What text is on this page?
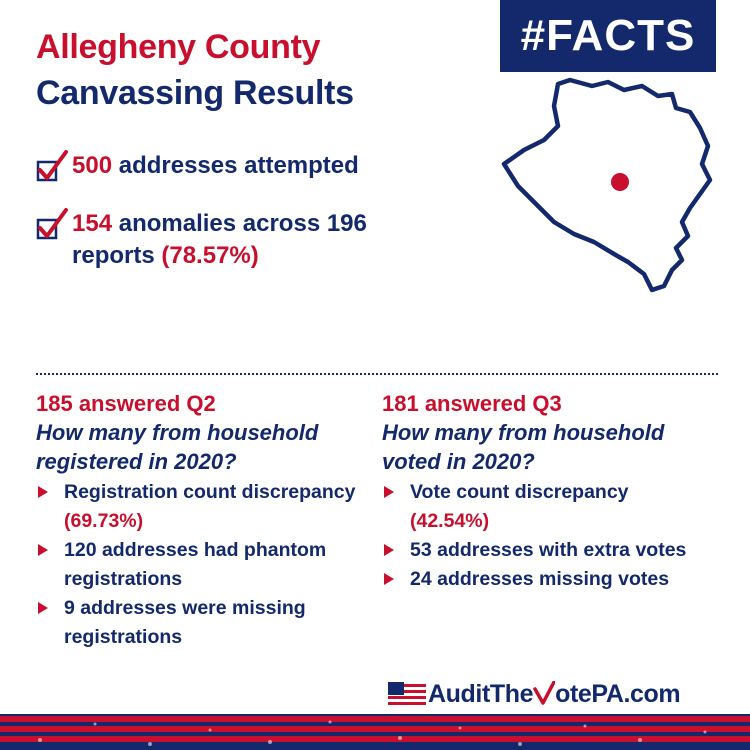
Allegheny County
Canvassing Results
#FACTS
500 addresses attempted
154 anomalies across 196 reports (78.57%)
185 answered Q2
How many from household registered in 2020?
Registration count discrepancy (69.73%)
120 addresses had phantom registrations
9 addresses were missing registrations
181 answered Q3
How many from household voted in 2020?
Vote count discrepancy (42.54%)
53 addresses with extra votes
24 addresses missing votes
AuditThe otePA.com
